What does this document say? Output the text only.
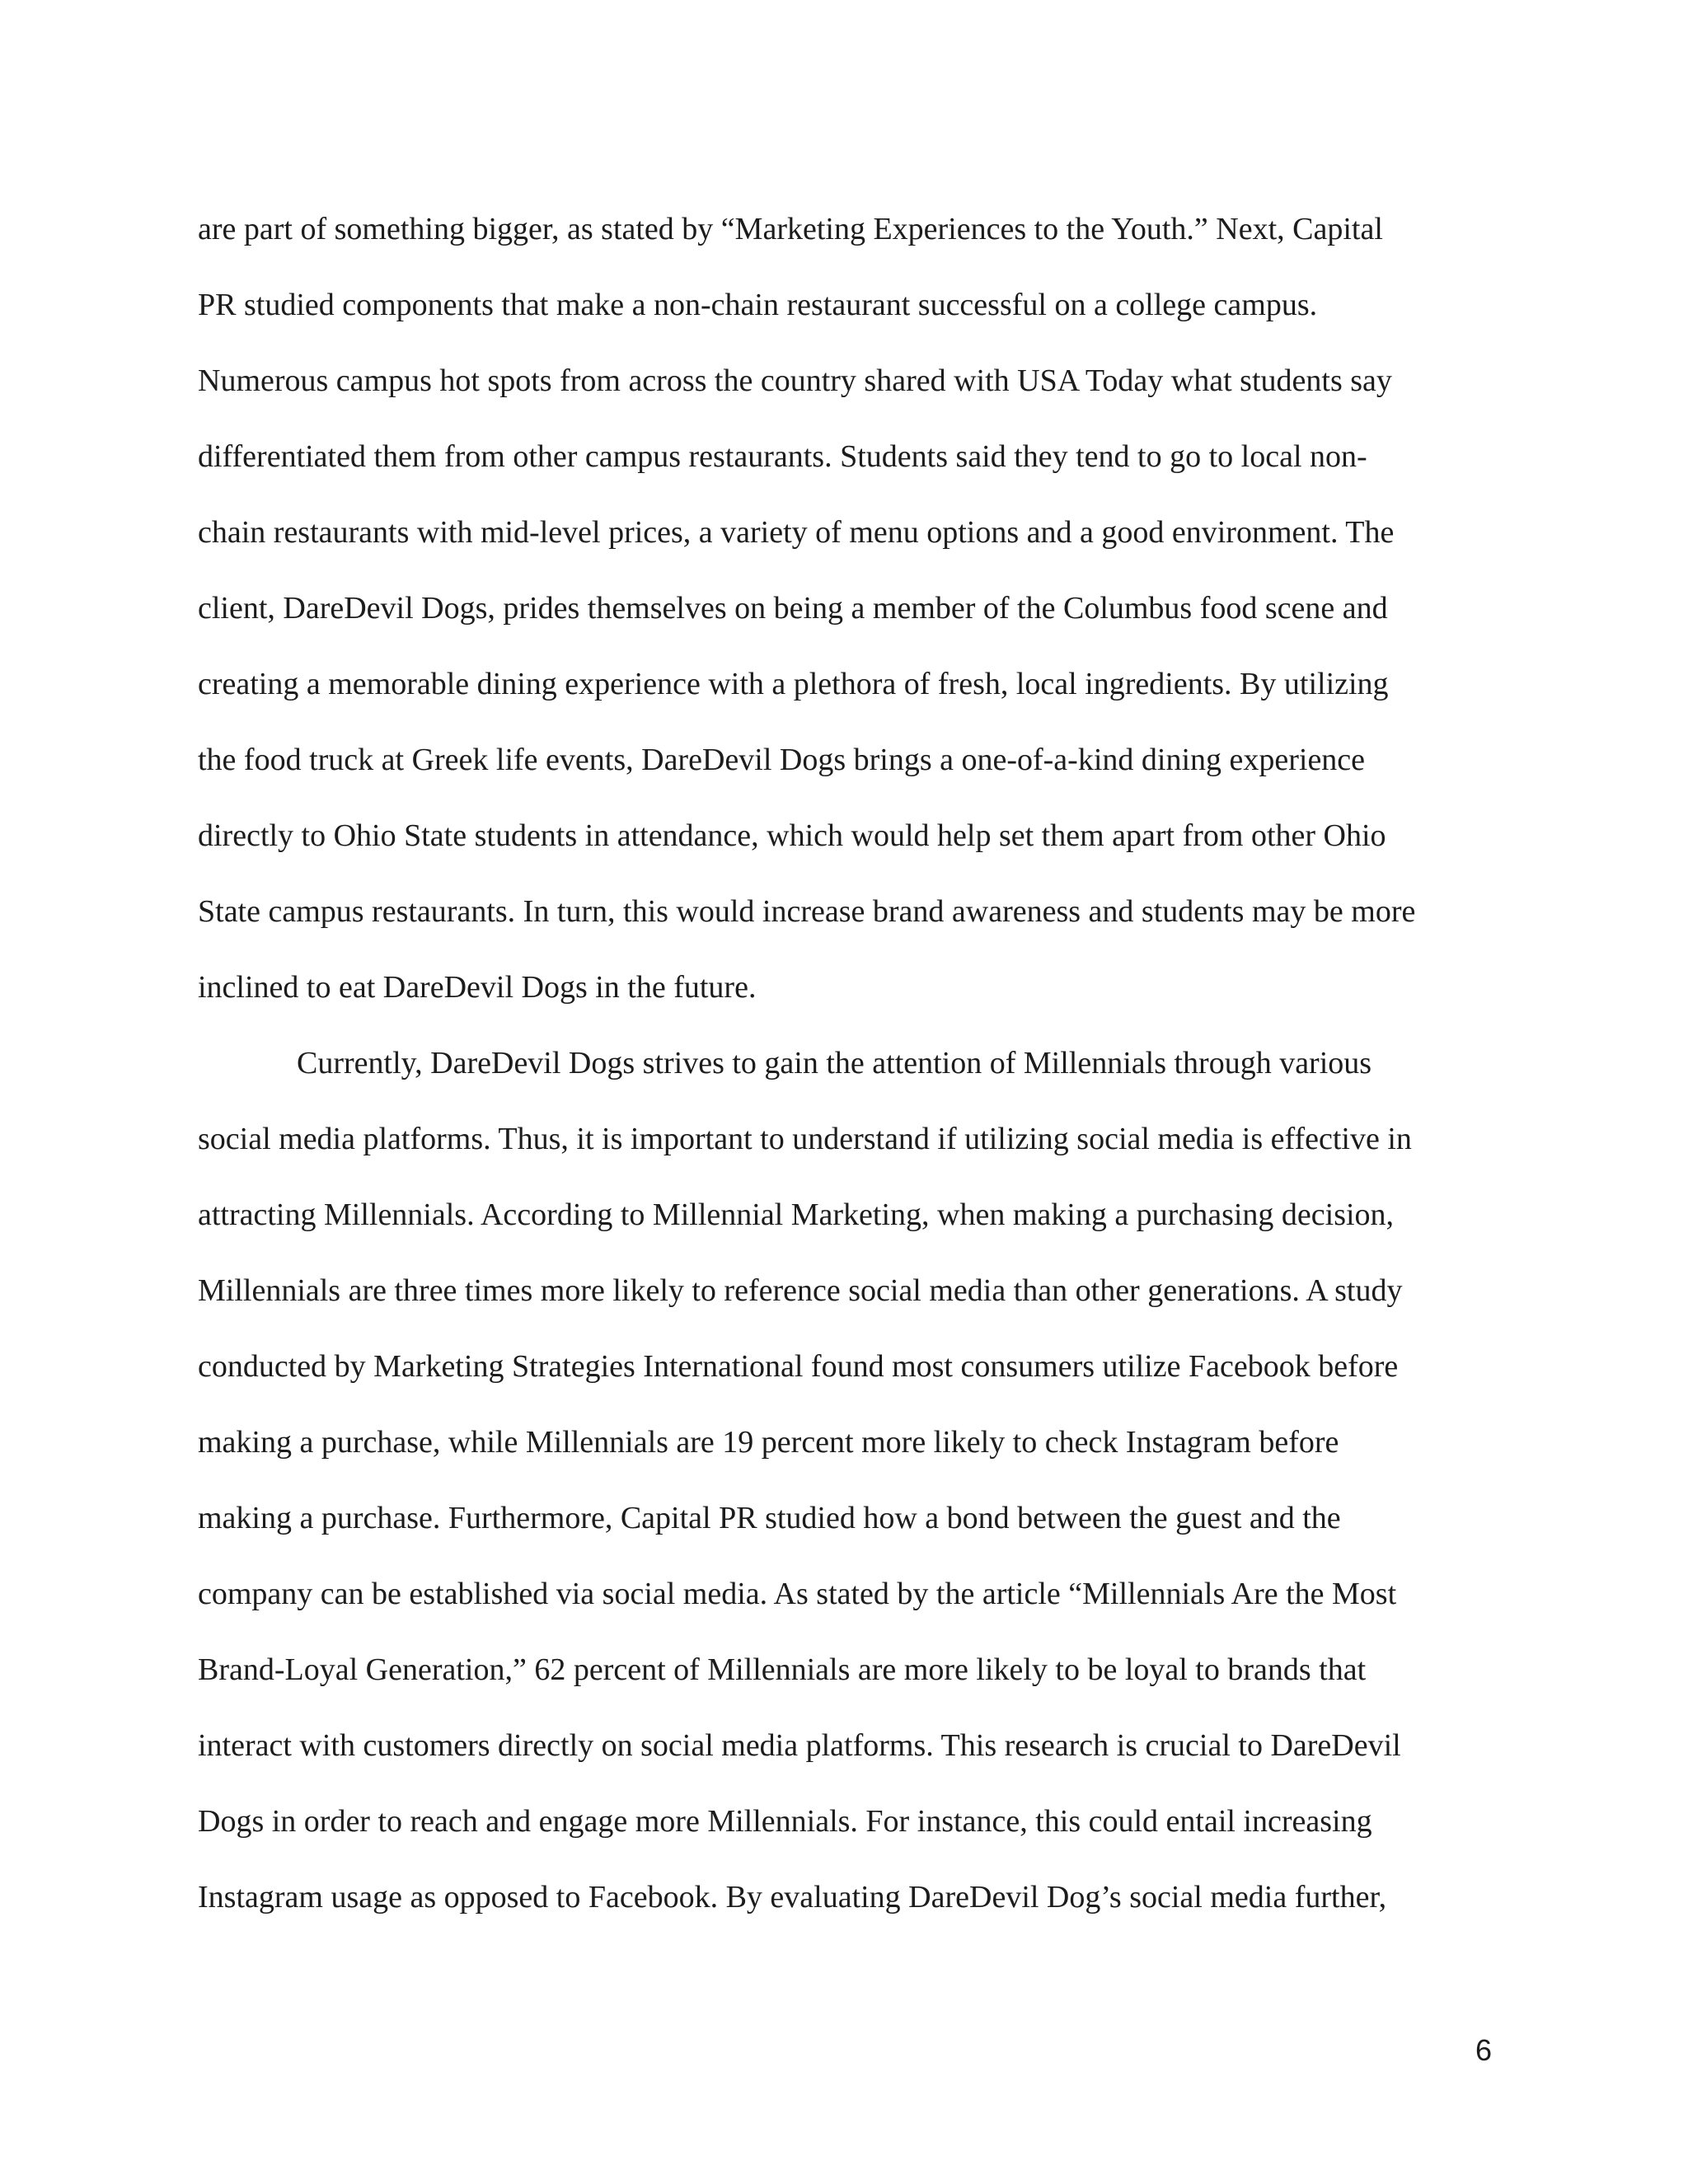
are part of something bigger, as stated by “Marketing Experiences to the Youth.” Next, Capital
PR studied components that make a non-chain restaurant successful on a college campus.
Numerous campus hot spots from across the country shared with USA Today what students say
differentiated them from other campus restaurants. Students said they tend to go to local non-
chain restaurants with mid-level prices, a variety of menu options and a good environment. The
client, DareDevil Dogs, prides themselves on being a member of the Columbus food scene and
creating a memorable dining experience with a plethora of fresh, local ingredients. By utilizing
the food truck at Greek life events, DareDevil Dogs brings a one-of-a-kind dining experience
directly to Ohio State students in attendance, which would help set them apart from other Ohio
State campus restaurants. In turn, this would increase brand awareness and students may be more
inclined to eat DareDevil Dogs in the future.
Currently, DareDevil Dogs strives to gain the attention of Millennials through various
social media platforms. Thus, it is important to understand if utilizing social media is effective in
attracting Millennials. According to Millennial Marketing, when making a purchasing decision,
Millennials are three times more likely to reference social media than other generations. A study
conducted by Marketing Strategies International found most consumers utilize Facebook before
making a purchase, while Millennials are 19 percent more likely to check Instagram before
making a purchase. Furthermore, Capital PR studied how a bond between the guest and the
company can be established via social media. As stated by the article “Millennials Are the Most
Brand-Loyal Generation,” 62 percent of Millennials are more likely to be loyal to brands that
interact with customers directly on social media platforms. This research is crucial to DareDevil
Dogs in order to reach and engage more Millennials. For instance, this could entail increasing
Instagram usage as opposed to Facebook. By evaluating DareDevil Dog’s social media further,
6
